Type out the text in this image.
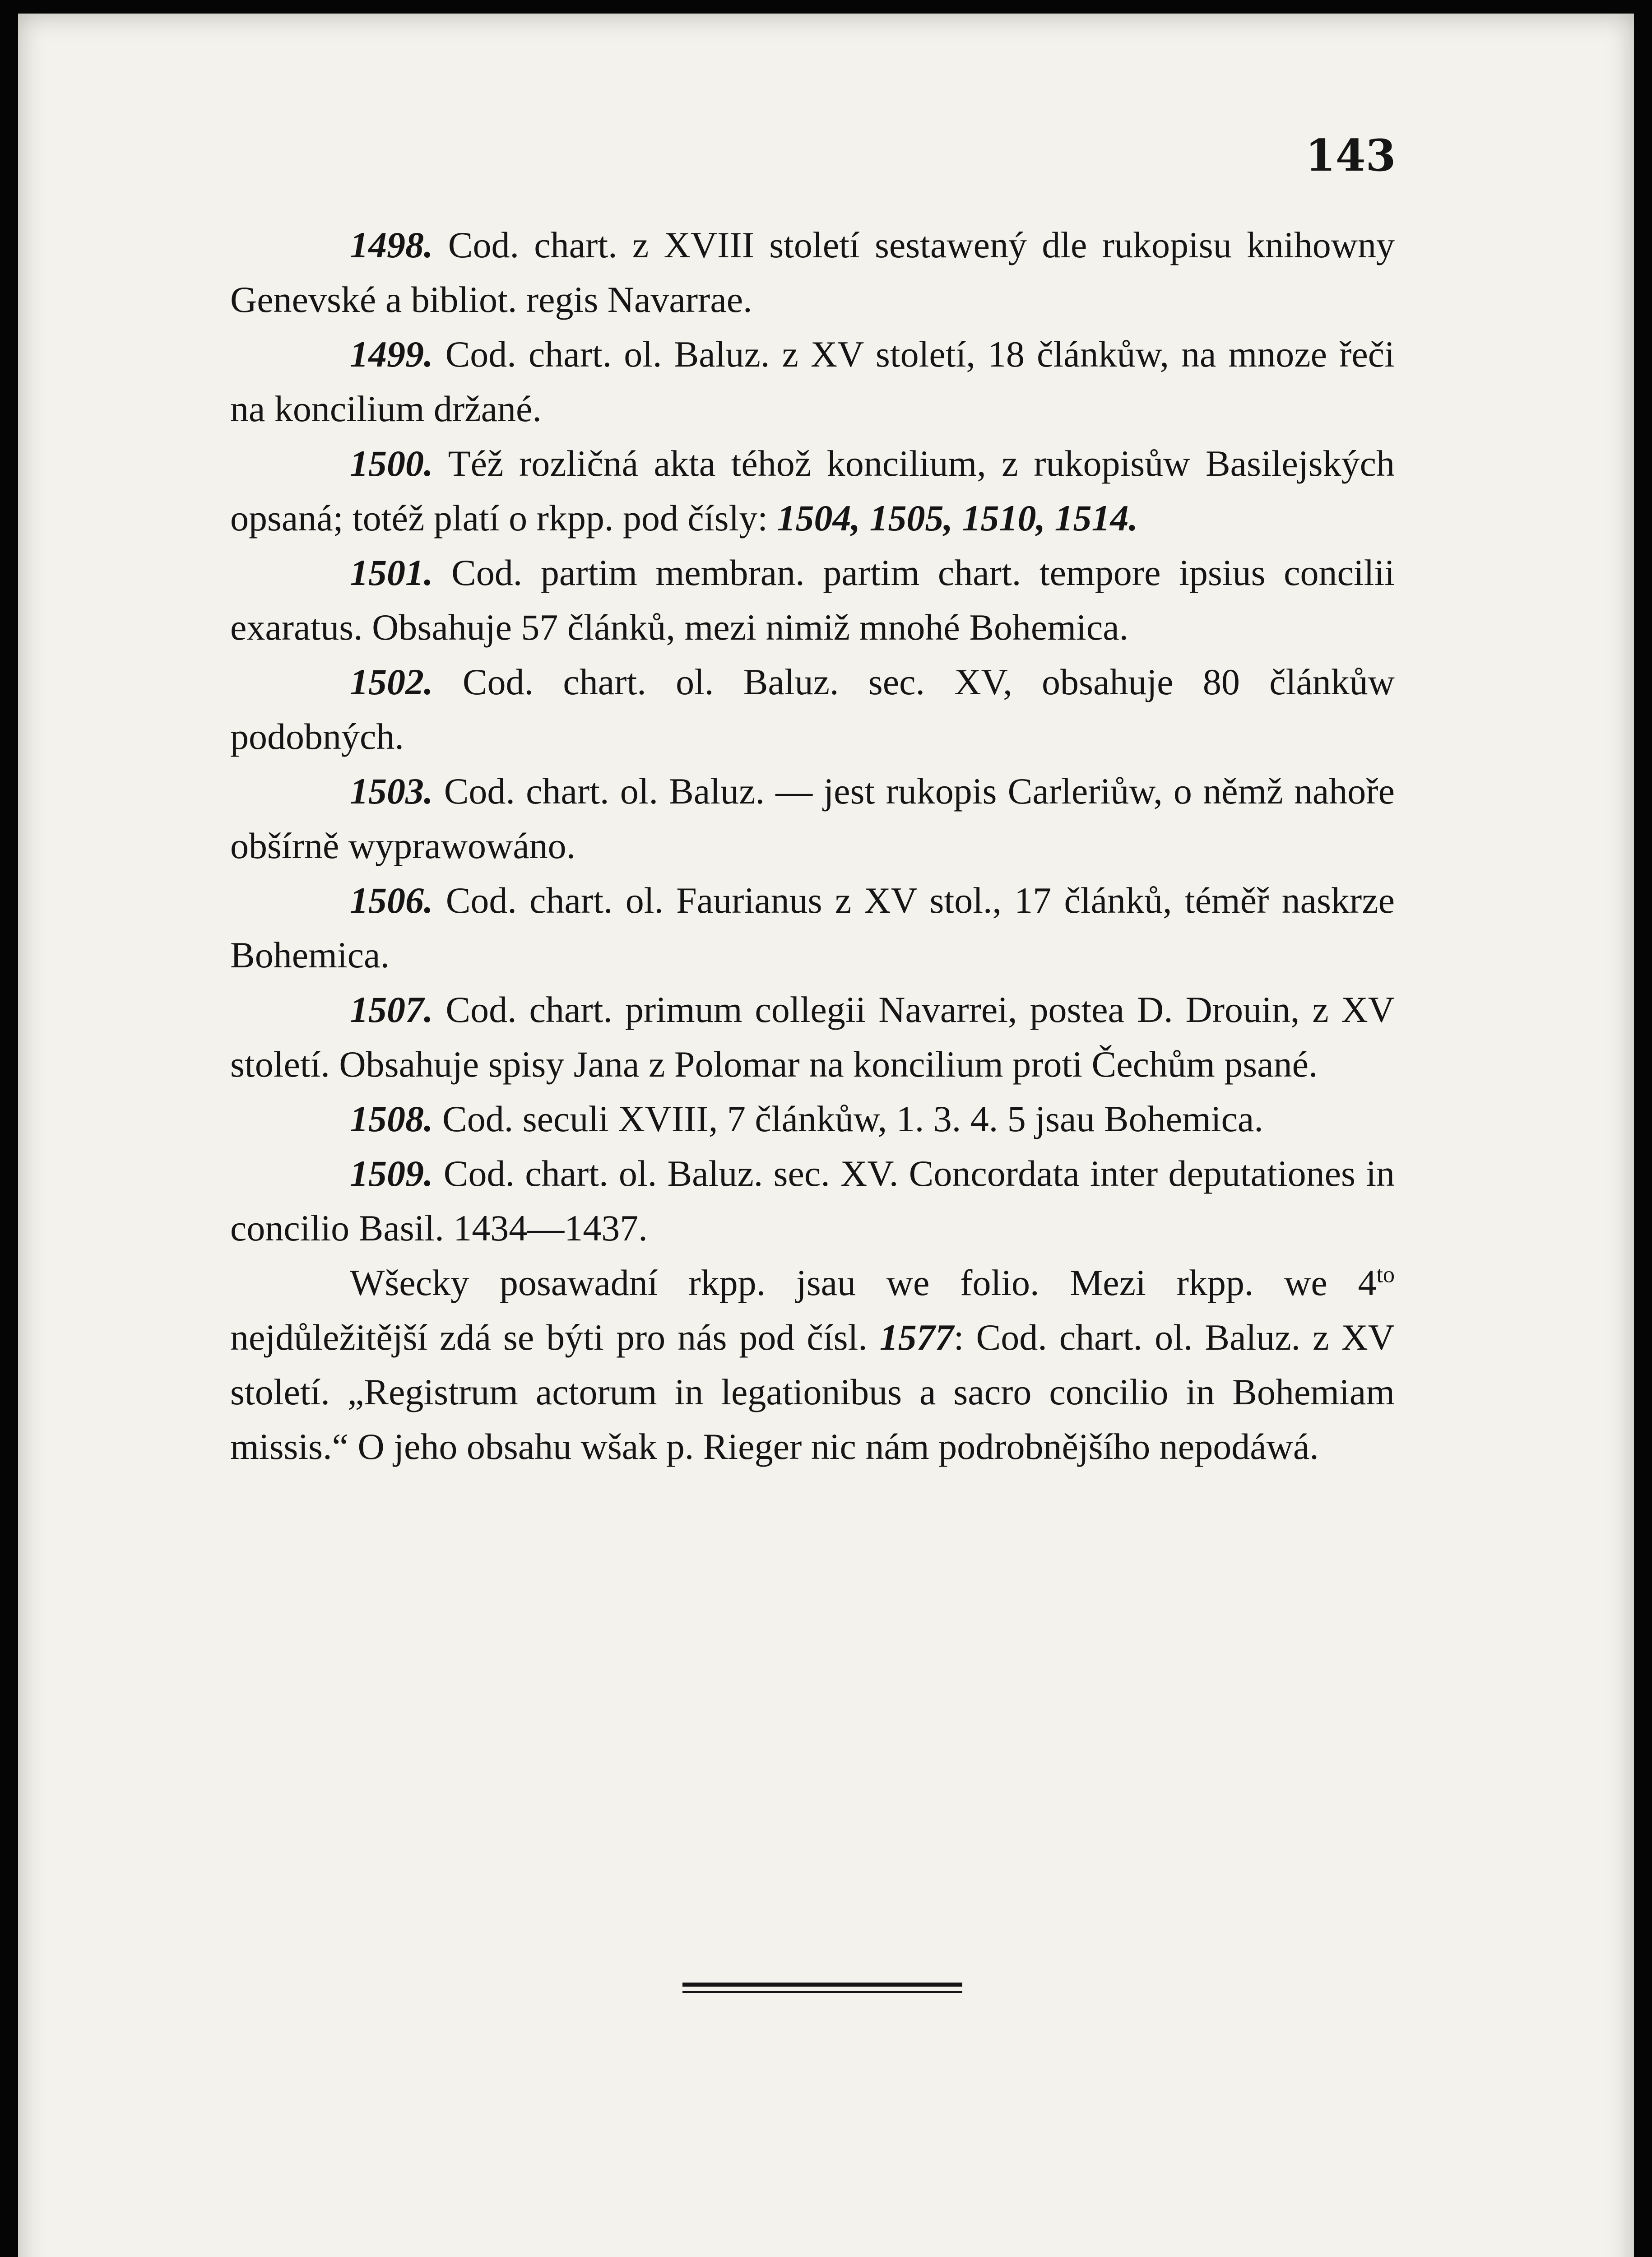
143

1498. Cod. chart. z XVIII století sestawený dle rukopisu knihowny Genevské a bibliot. regis Navarrae.

1499. Cod. chart. ol. Baluz. z XV století, 18 článkůw, na mnoze řeči na koncilium držané.

1500. Též rozličná akta téhož koncilium, z rukopisůw Basilejských opsaná; totéž platí o rkpp. pod čísly: 1504, 1505, 1510, 1514.

1501. Cod. partim membran. partim chart. tempore ipsius concilii exaratus. Obsahuje 57 článků, mezi nimiž mnohé Bohemica.

1502. Cod. chart. ol. Baluz. sec. XV, obsahuje 80 článkůw podobných.

1503. Cod. chart. ol. Baluz. — jest rukopis Carleriůw, o němž nahoře obšírně wyprawowáno.

1506. Cod. chart. ol. Faurianus z XV stol., 17 článků, téměř naskrze Bohemica.

1507. Cod. chart. primum collegii Navarrei, postea D. Drouin, z XV století. Obsahuje spisy Jana z Polomar na koncilium proti Čechům psané.

1508. Cod. seculi XVIII, 7 článkůw, 1. 3. 4. 5 jsau Bohemica.

1509. Cod. chart. ol. Baluz. sec. XV. Concordata inter deputationes in concilio Basil. 1434—1437.

Wšecky posawadní rkpp. jsau we folio. Mezi rkpp. we $4^{to}$ nejdůležitější zdá se býti pro nás pod čísl. 1577: Cod. chart. ol. Baluz. z XV století. „Registrum actorum in legationibus a sacro concilio in Bohemiam missis.“ O jeho obsahu wšak p. Rieger nic nám podrobnějšího nepodáwá.
